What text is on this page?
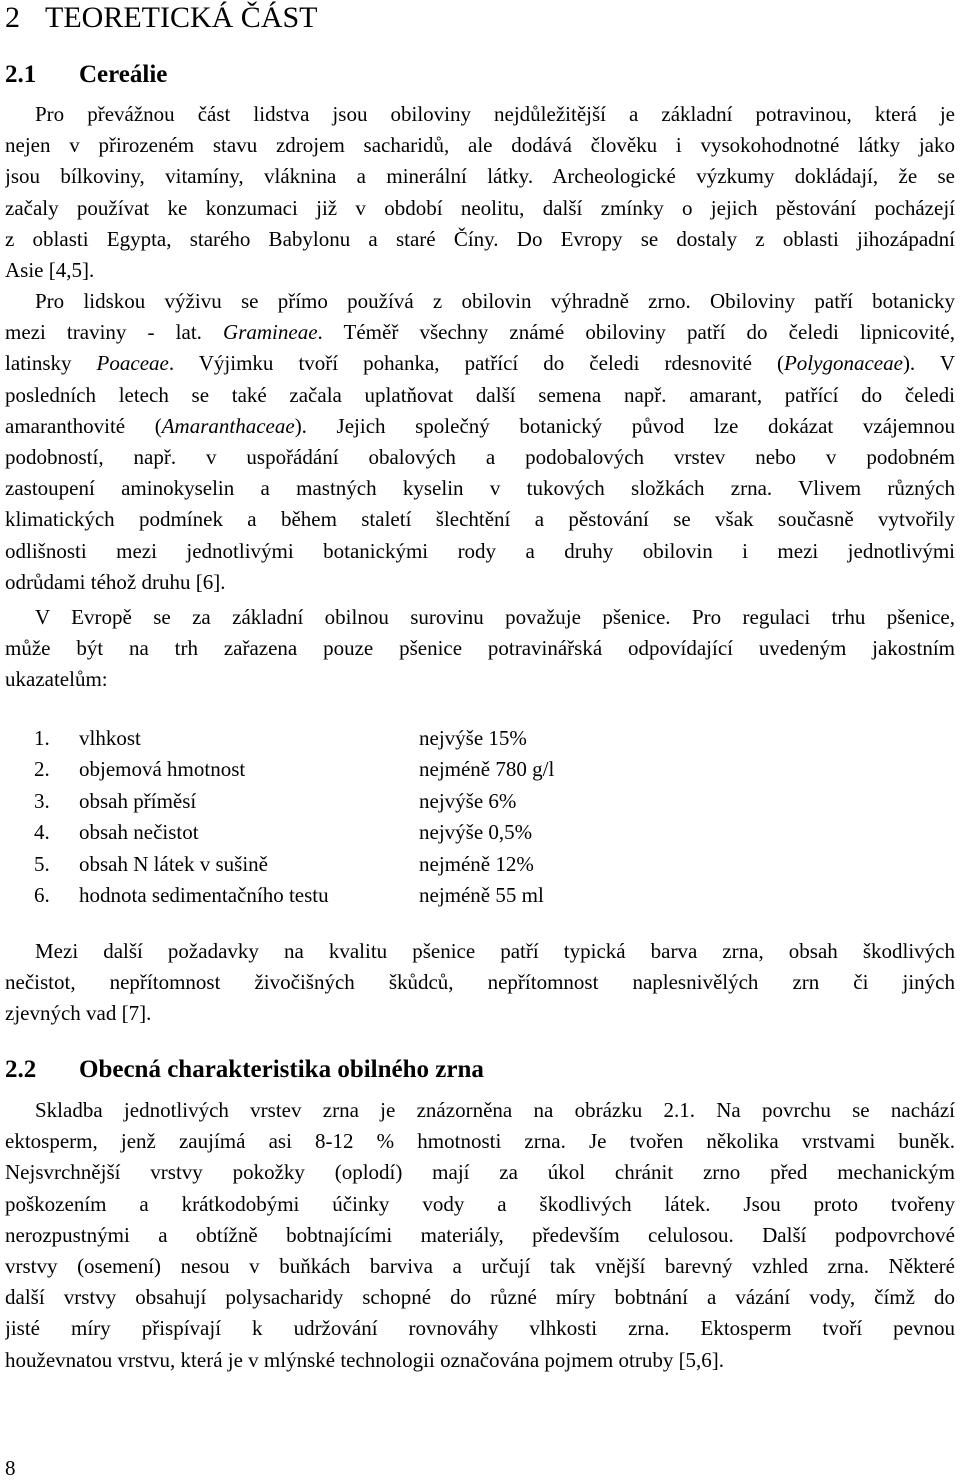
2 TEORETICKÁ ČÁST
2.1 Cereálie
Pro převážnou část lidstva jsou obiloviny nejdůležitější a základní potravinou, která je
nejen v přirozeném stavu zdrojem sacharidů, ale dodává člověku i vysokohodnotné látky jako
jsou bílkoviny, vitamíny, vláknina a minerální látky. Archeologické výzkumy dokládají, že se
začaly používat ke konzumaci již v období neolitu, další zmínky o jejich pěstování pocházejí
z oblasti Egypta, starého Babylonu a staré Číny. Do Evropy se dostaly z oblasti jihozápadní
Asie [4,5].
Pro lidskou výživu se přímo používá z obilovin výhradně zrno. Obiloviny patří botanicky
mezi traviny - lat. Gramineae. Téměř všechny známé obiloviny patří do čeledi lipnicovité,
latinsky Poaceae. Výjimku tvoří pohanka, patřící do čeledi rdesnovité (Polygonaceae). V
posledních letech se také začala uplatňovat další semena např. amarant, patřící do čeledi
amaranthovité (Amaranthaceae). Jejich společný botanický původ lze dokázat vzájemnou
podobností, např. v uspořádání obalových a podobalových vrstev nebo v podobném
zastoupení aminokyselin a mastných kyselin v tukových složkách zrna. Vlivem různých
klimatických podmínek a během staletí šlechtění a pěstování se však současně vytvořily
odlišnosti mezi jednotlivými botanickými rody a druhy obilovin i mezi jednotlivými
odrůdami téhož druhu [6].
V Evropě se za základní obilnou surovinu považuje pšenice. Pro regulaci trhu pšenice,
může být na trh zařazena pouze pšenice potravinářská odpovídající uvedeným jakostním
ukazatelům:
1. vlhkost	nejvýše 15%
2. objemová hmotnost	nejméně 780 g/l
3. obsah příměsí	nejvýše 6%
4. obsah nečistot	nejvýše 0,5%
5. obsah N látek v sušině	nejméně 12%
6. hodnota sedimentačního testu	nejméně 55 ml
Mezi další požadavky na kvalitu pšenice patří typická barva zrna, obsah škodlivých
nečistot, nepřítomnost živočišných škůdců, nepřítomnost naplesnivělých zrn či jiných
zjevných vad [7].
2.2 Obecná charakteristika obilného zrna
Skladba jednotlivých vrstev zrna je znázorněna na obrázku 2.1. Na povrchu se nachází
ektosperm, jenž zaujímá asi 8-12 % hmotnosti zrna. Je tvořen několika vrstvami buněk.
Nejsvrchnější vrstvy pokožky (oplodí) mají za úkol chránit zrno před mechanickým
poškozením a krátkodobými účinky vody a škodlivých látek. Jsou proto tvořeny
nerozpustnými a obtížně bobtnajícími materiály, především celulosou. Další podpovrchové
vrstvy (osemení) nesou v buňkách barviva a určují tak vnější barevný vzhled zrna. Některé
další vrstvy obsahují polysacharidy schopné do různé míry bobtnání a vázání vody, čímž do
jisté míry přispívají k udržování rovnováhy vlhkosti zrna. Ektosperm tvoří pevnou
houževnatou vrstvu, která je v mlýnské technologii označována pojmem otruby [5,6].
8
